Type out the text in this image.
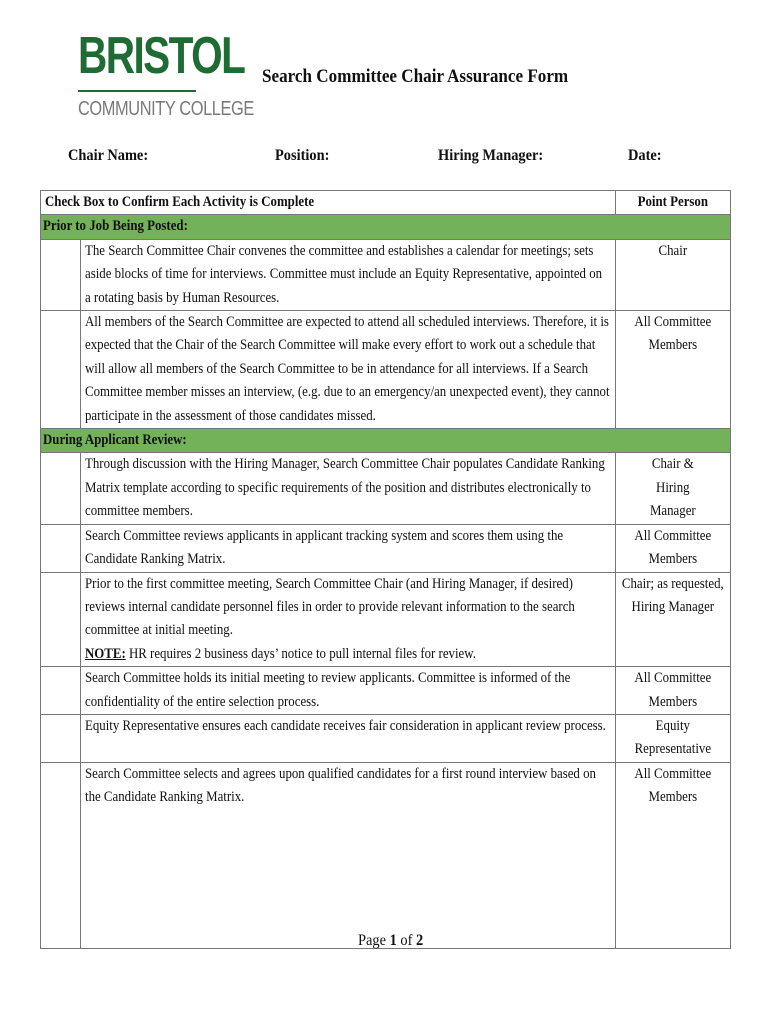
BRISTOL
COMMUNITY COLLEGE
Search Committee Chair Assurance Form
Chair Name:	Position:	Hiring Manager:	Date:
Check Box to Confirm Each Activity is Complete		Point Person

Prior to Job Being Posted:		

	The Search Committee Chair convenes the committee and establishes a calendar for meetings; sets aside blocks of time for interviews. Committee must include an Equity Representative, appointed on a rotating basis by Human Resources.	Chair

	All members of the Search Committee are expected to attend all scheduled interviews. Therefore, it is expected that the Chair of the Search Committee will make every effort to work out a schedule that will allow all members of the Search Committee to be in attendance for all interviews. If a Search Committee member misses an interview, (e.g. due to an emergency/an unexpected event), they cannot participate in the assessment of those candidates missed.	All Committee Members

During Applicant Review:		

	Through discussion with the Hiring Manager, Search Committee Chair populates Candidate Ranking Matrix template according to specific requirements of the position and distributes electronically to committee members.	Chair & Hiring Manager

	Search Committee reviews applicants in applicant tracking system and scores them using the Candidate Ranking Matrix.	All Committee Members

	Prior to the first committee meeting, Search Committee Chair (and Hiring Manager, if desired) reviews internal candidate personnel files in order to provide relevant information to the search committee at initial meeting.
NOTE: HR requires 2 business days’ notice to pull internal files for review.	Chair; as requested, Hiring Manager

	Search Committee holds its initial meeting to review applicants. Committee is informed of the confidentiality of the entire selection process.	All Committee Members

	Equity Representative ensures each candidate receives fair consideration in applicant review process.	Equity Representative

	Search Committee selects and agrees upon qualified candidates for a first round interview based on the Candidate Ranking Matrix.	All Committee Members
Page 1 of 2
